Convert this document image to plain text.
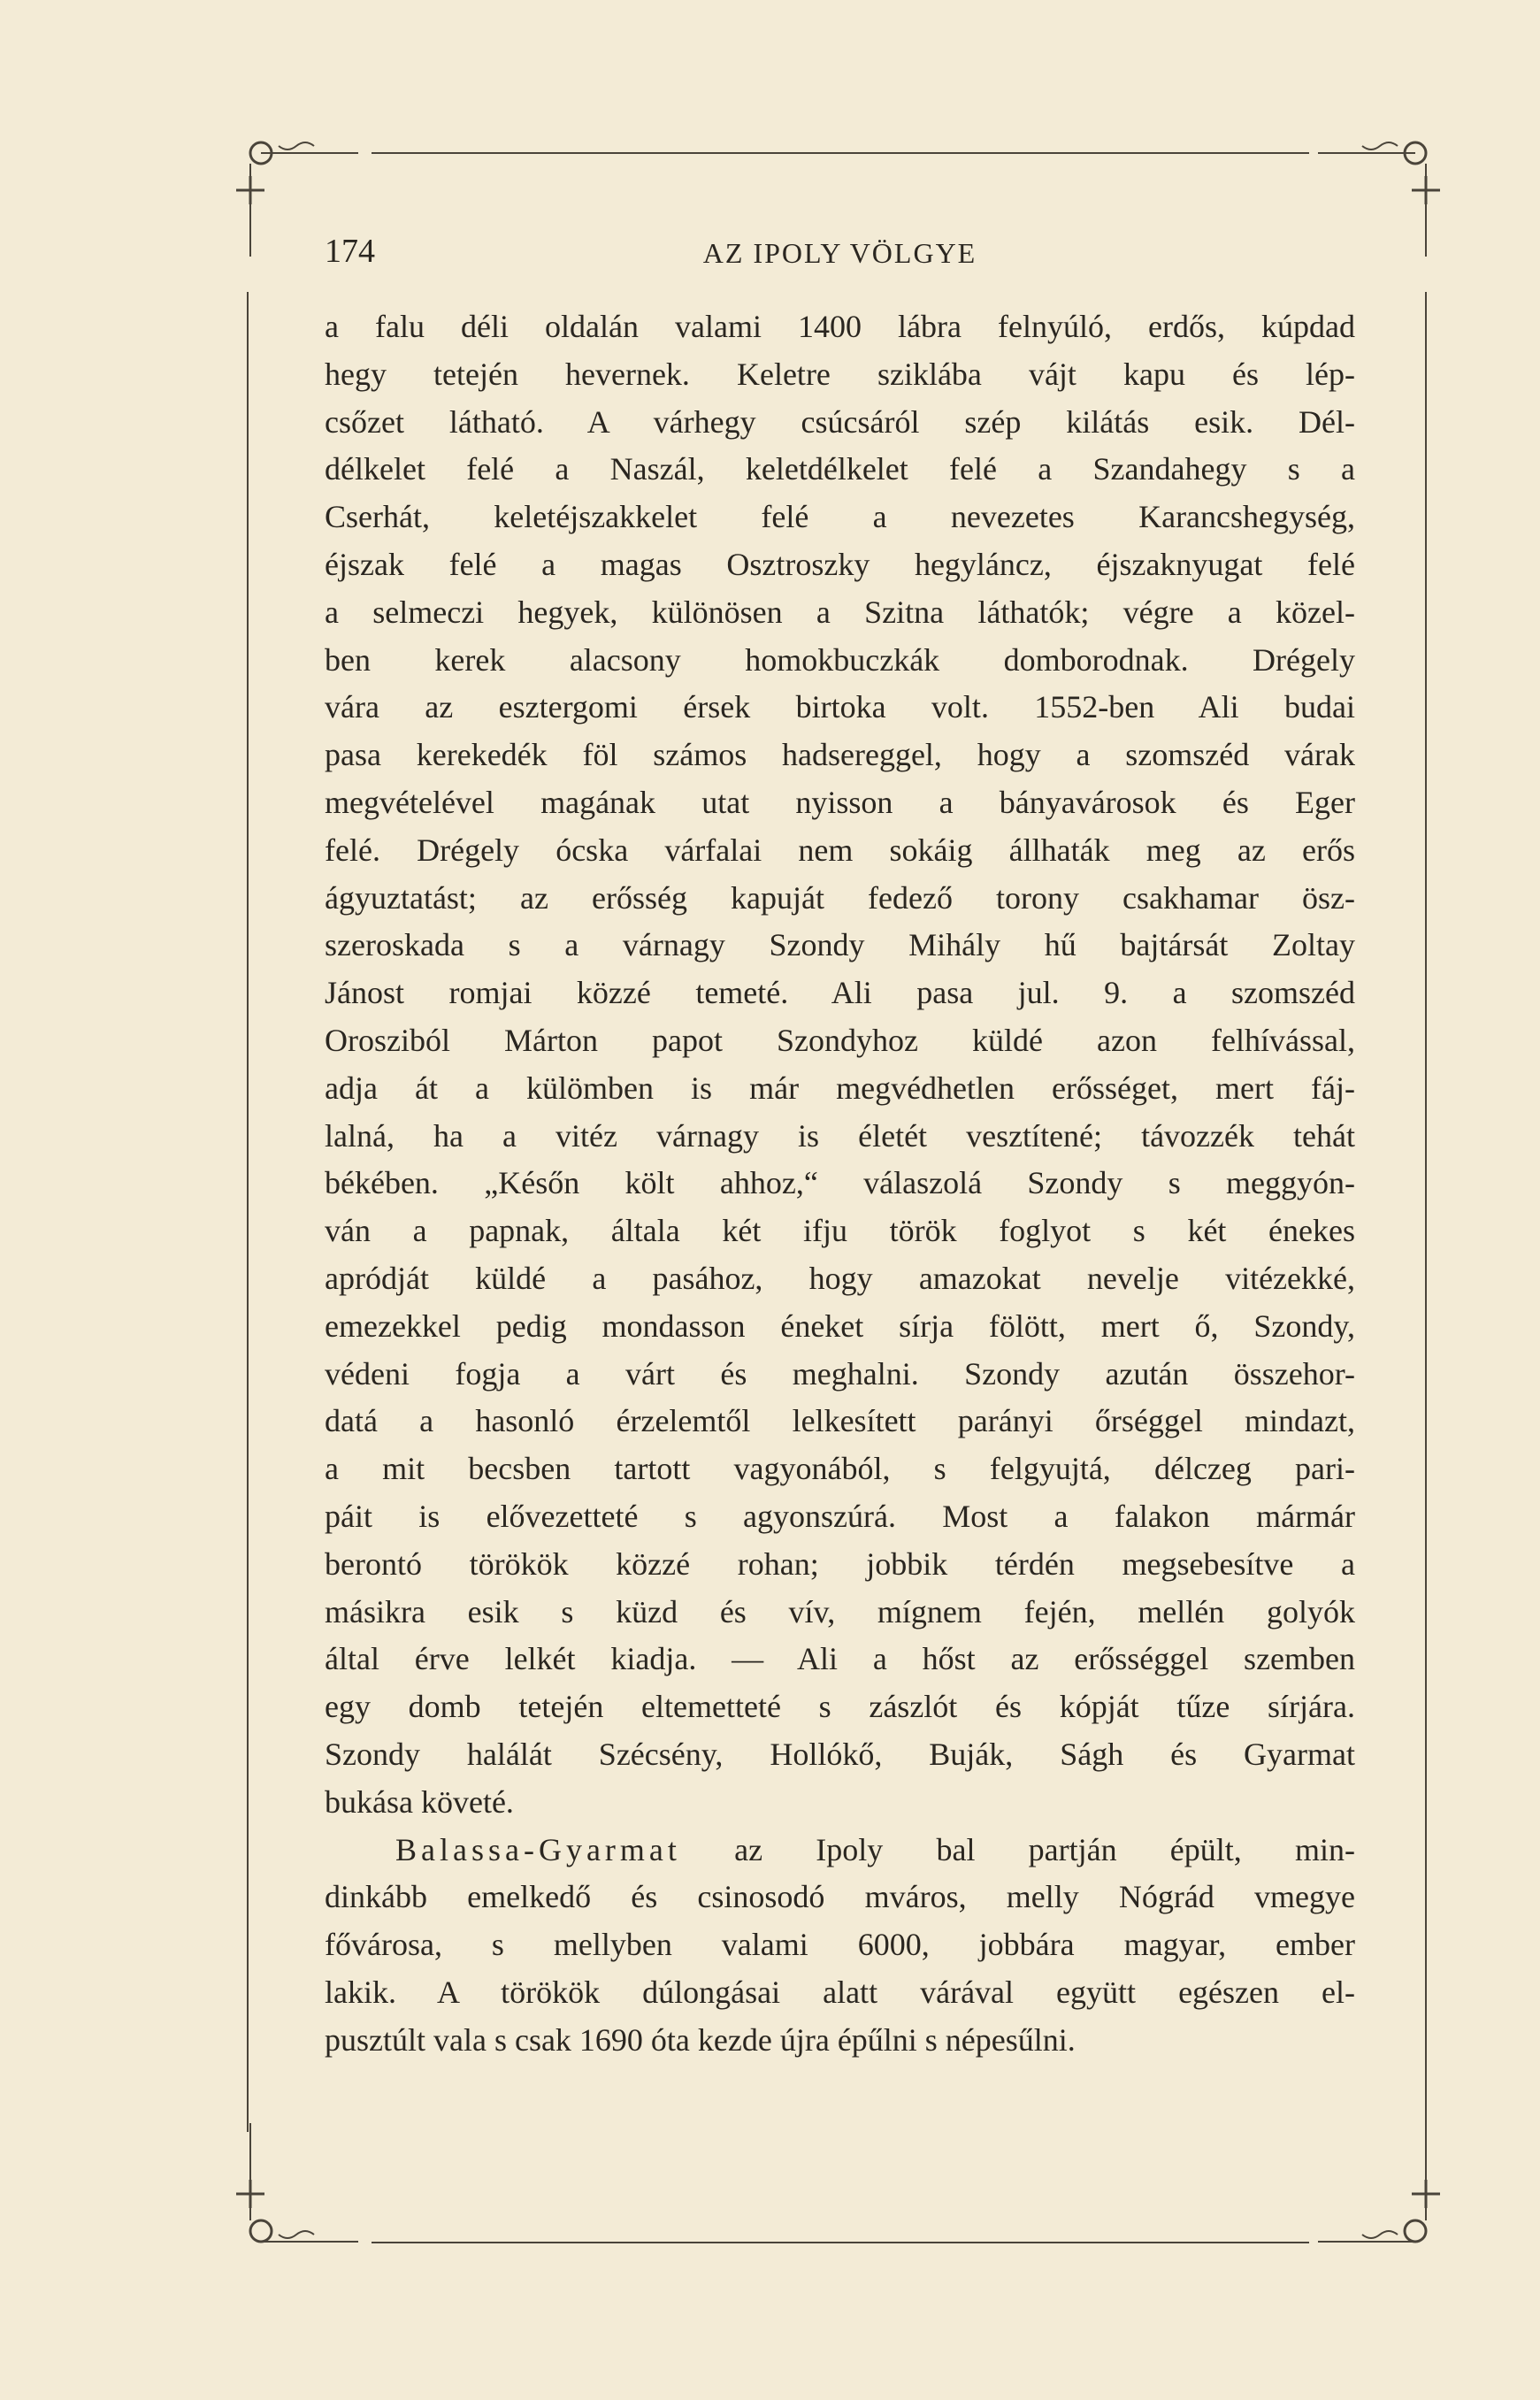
174	AZ IPOLY VÖLGYE
a falu déli oldalán valami 1400 lábra felnyúló, erdős, kúpdad
hegy tetején hevernek. Keletre sziklába vájt kapu és lép-
csőzet látható. A várhegy csúcsáról szép kilátás esik. Dél-
délkelet felé a Naszál, keletdélkelet felé a Szandahegy s a
Cserhát, keletéjszakkelet felé a nevezetes Karancshegység,
éjszak felé a magas Osztroszky hegyláncz, éjszaknyugat felé
a selmeczi hegyek, különösen a Szitna láthatók; végre a közel-
ben kerek alacsony homokbuczkák domborodnak. Drégely
vára az esztergomi érsek birtoka volt. 1552-ben Ali budai
pasa kerekedék föl számos hadsereggel, hogy a szomszéd várak
megvételével magának utat nyisson a bányavárosok és Eger
felé. Drégely ócska várfalai nem sokáig állhaták meg az erős
ágyuztatást; az erősség kapuját fedező torony csakhamar ösz-
szeroskada s a várnagy Szondy Mihály hű bajtársát Zoltay
Jánost romjai közzé temeté. Ali pasa jul. 9. a szomszéd
Orosziból Márton papot Szondyhoz küldé azon felhívással,
adja át a külömben is már megvédhetlen erősséget, mert fáj-
lalná, ha a vitéz várnagy is életét vesztítené; távozzék tehát
békében. „Későn költ ahhoz,“ válaszolá Szondy s meggyón-
ván a papnak, általa két ifju török foglyot s két énekes
apródját küldé a pasához, hogy amazokat nevelje vitézekké,
emezekkel pedig mondasson éneket sírja fölött, mert ő, Szondy,
védeni fogja a várt és meghalni. Szondy azután összehor-
datá a hasonló érzelemtől lelkesített parányi őrséggel mindazt,
a mit becsben tartott vagyonából, s felgyujtá, délczeg pari-
páit is elővezetteté s agyonszúrá. Most a falakon mármár
berontó törökök közzé rohan; jobbik térdén megsebesítve a
másikra esik s küzd és vív, mígnem fején, mellén golyók
által érve lelkét kiadja. — Ali a hőst az erősséggel szemben
egy domb tetején eltemetteté s zászlót és kópját tűze sírjára.
Szondy halálát Szécsény, Hollókő, Buják, Ságh és Gyarmat
bukása követé.
Balassa-Gyarmat az Ipoly bal partján épült, min-
dinkább emelkedő és csinosodó mváros, melly Nógrád vmegye
fővárosa, s mellyben valami 6000, jobbára magyar, ember
lakik. A törökök dúlongásai alatt várával együtt egészen el-
pusztúlt vala s csak 1690 óta kezde újra épűlni s népesűlni.
